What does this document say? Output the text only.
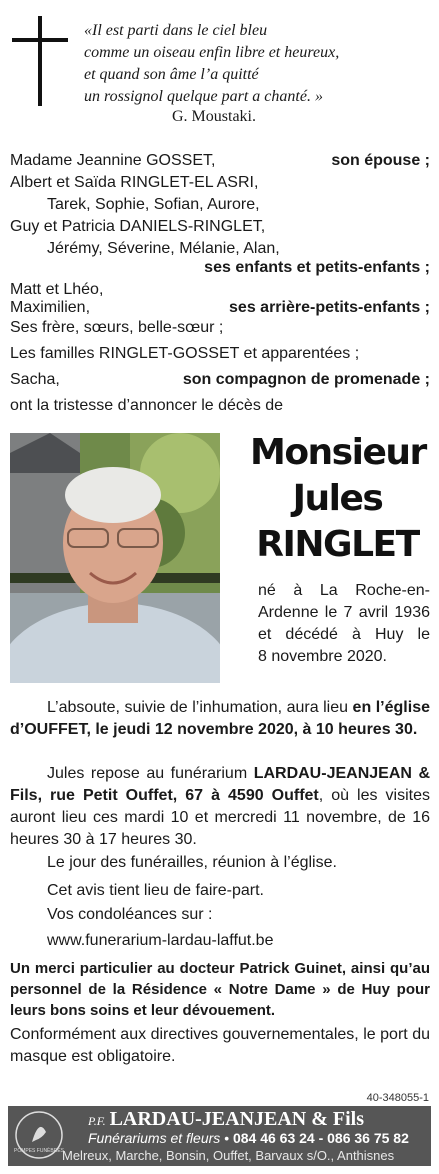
«Il est parti dans le ciel bleu
comme un oiseau enfin libre et heureux,
et quand son âme l’a quitté
un rossignol quelque part a chanté. »
G. Moustaki.
Madame Jeannine GOSSET,	son épouse ;
Albert et Saïda RINGLET-EL ASRI,
Tarek, Sophie, Sofian, Aurore,
Guy et Patricia DANIELS-RINGLET,
Jérémy, Séverine, Mélanie, Alan,
ses enfants et petits-enfants ;
Matt et Lhéo,
Maximilien,	ses arrière-petits-enfants ;
Ses frère, sœurs, belle-sœur ;
Les familles RINGLET-GOSSET et apparentées ;
Sacha,	son compagnon de promenade ;
ont la tristesse d’annoncer le décès de
Monsieur
Jules
RINGLET
né à La Roche-en-
Ardenne le 7 avril 1936
et décédé à Huy le
8 novembre 2020.
L’absoute, suivie de l’inhumation, aura lieu en l’église d’OUFFET, le jeudi 12 novembre 2020, à 10 heures 30.
Jules repose au funérarium LARDAU-JEANJEAN & Fils, rue Petit Ouffet, 67 à 4590 Ouffet, où les visites auront lieu ces mardi 10 et mercredi 11 novembre, de 16 heures 30 à 17 heures 30.
Le jour des funérailles, réunion à l’église.
Cet avis tient lieu de faire-part.
Vos condoléances sur :
www.funerarium-lardau-laffut.be
Un merci particulier au docteur Patrick Guinet, ainsi qu’au personnel de la Résidence « Notre Dame » de Huy pour leurs bons soins et leur dévouement.
Conformément aux directives gouvernementales, le port du masque est obligatoire.
40-348055-1
POMPES FUNÈBRES
P.F. LARDAU-JEANJEAN & Fils
Funérariums et fleurs • 084 46 63 24 - 086 36 75 82
Melreux, Marche, Bonsin, Ouffet, Barvaux s/O., Anthisnes
